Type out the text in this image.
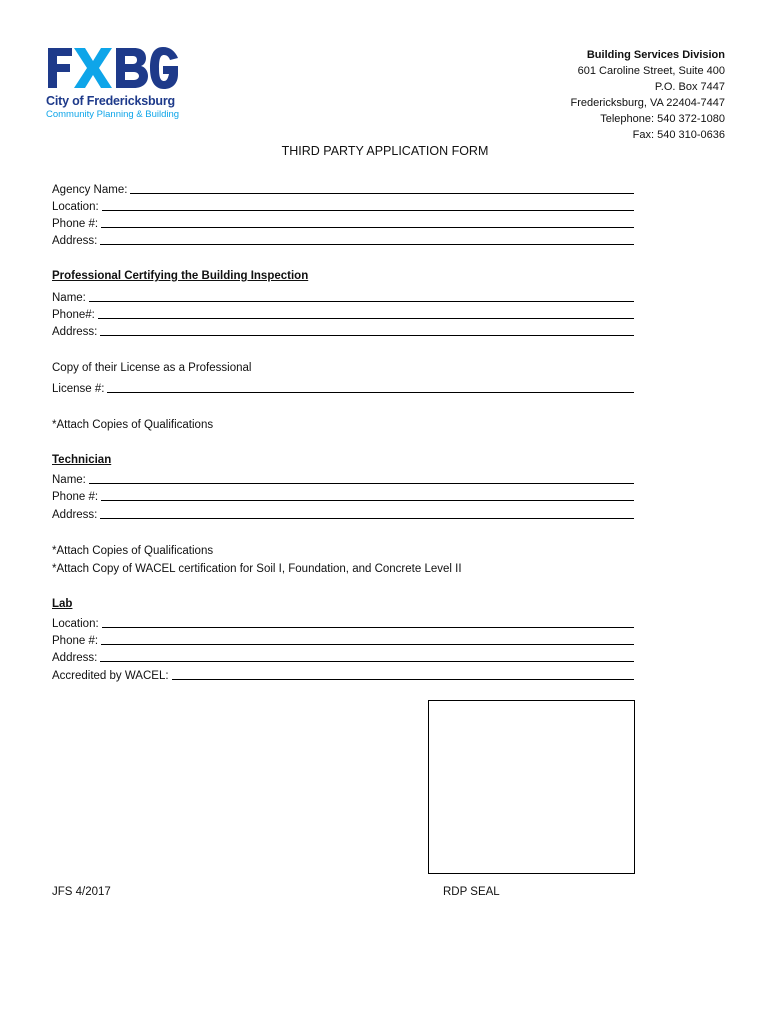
City of Fredericksburg
Community Planning & Building
Building Services Division
601 Caroline Street, Suite 400
P.O. Box 7447
Fredericksburg, VA 22404-7447
Telephone: 540 372-1080
Fax: 540 310-0636
THIRD PARTY APPLICATION FORM
Agency Name:
Location:
Phone #:
Address:
Professional Certifying the Building Inspection
Name:
Phone#:
Address:
Copy of their License as a Professional
License #:
*Attach Copies of Qualifications
Technician
Name:
Phone #:
Address:
*Attach Copies of Qualifications
*Attach Copy of WACEL certification for Soil I, Foundation, and Concrete Level II
Lab
Location:
Phone #:
Address:
Accredited by WACEL:
JFS 4/2017	RDP SEAL
